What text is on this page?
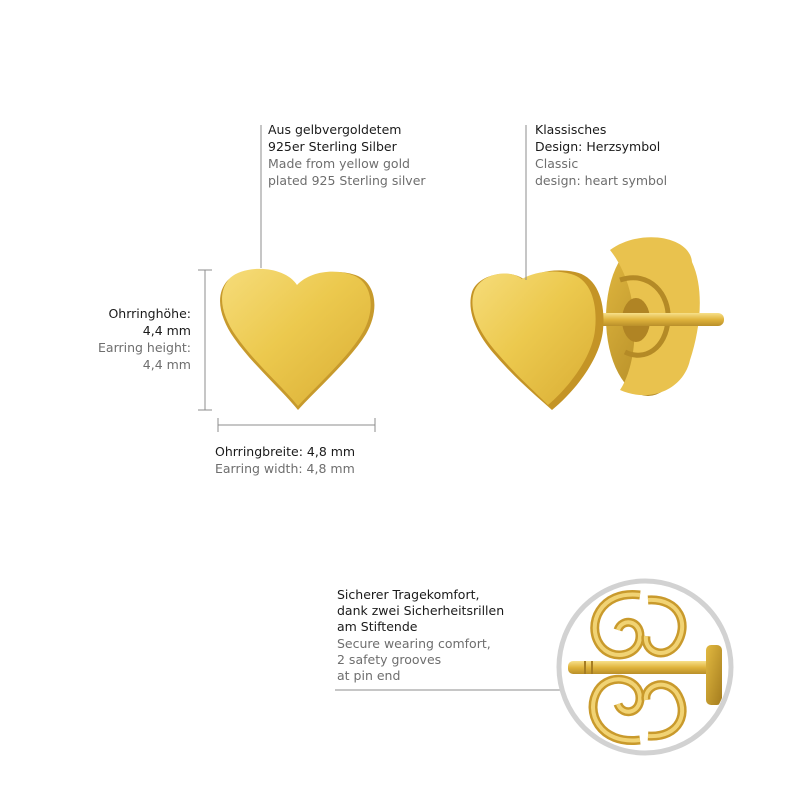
Aus gelbvergoldetem
925er Sterling Silber
Made from yellow gold
plated 925 Sterling silver
Klassisches
Design: Herzsymbol
Classic
design: heart symbol
Ohrringhöhe:
4,4 mm
Earring height:
4,4 mm
Ohrringbreite: 4,8 mm
Earring width: 4,8 mm
Sicherer Tragekomfort,
dank zwei Sicherheitsrillen
am Stiftende
Secure wearing comfort,
2 safety grooves
at pin end
